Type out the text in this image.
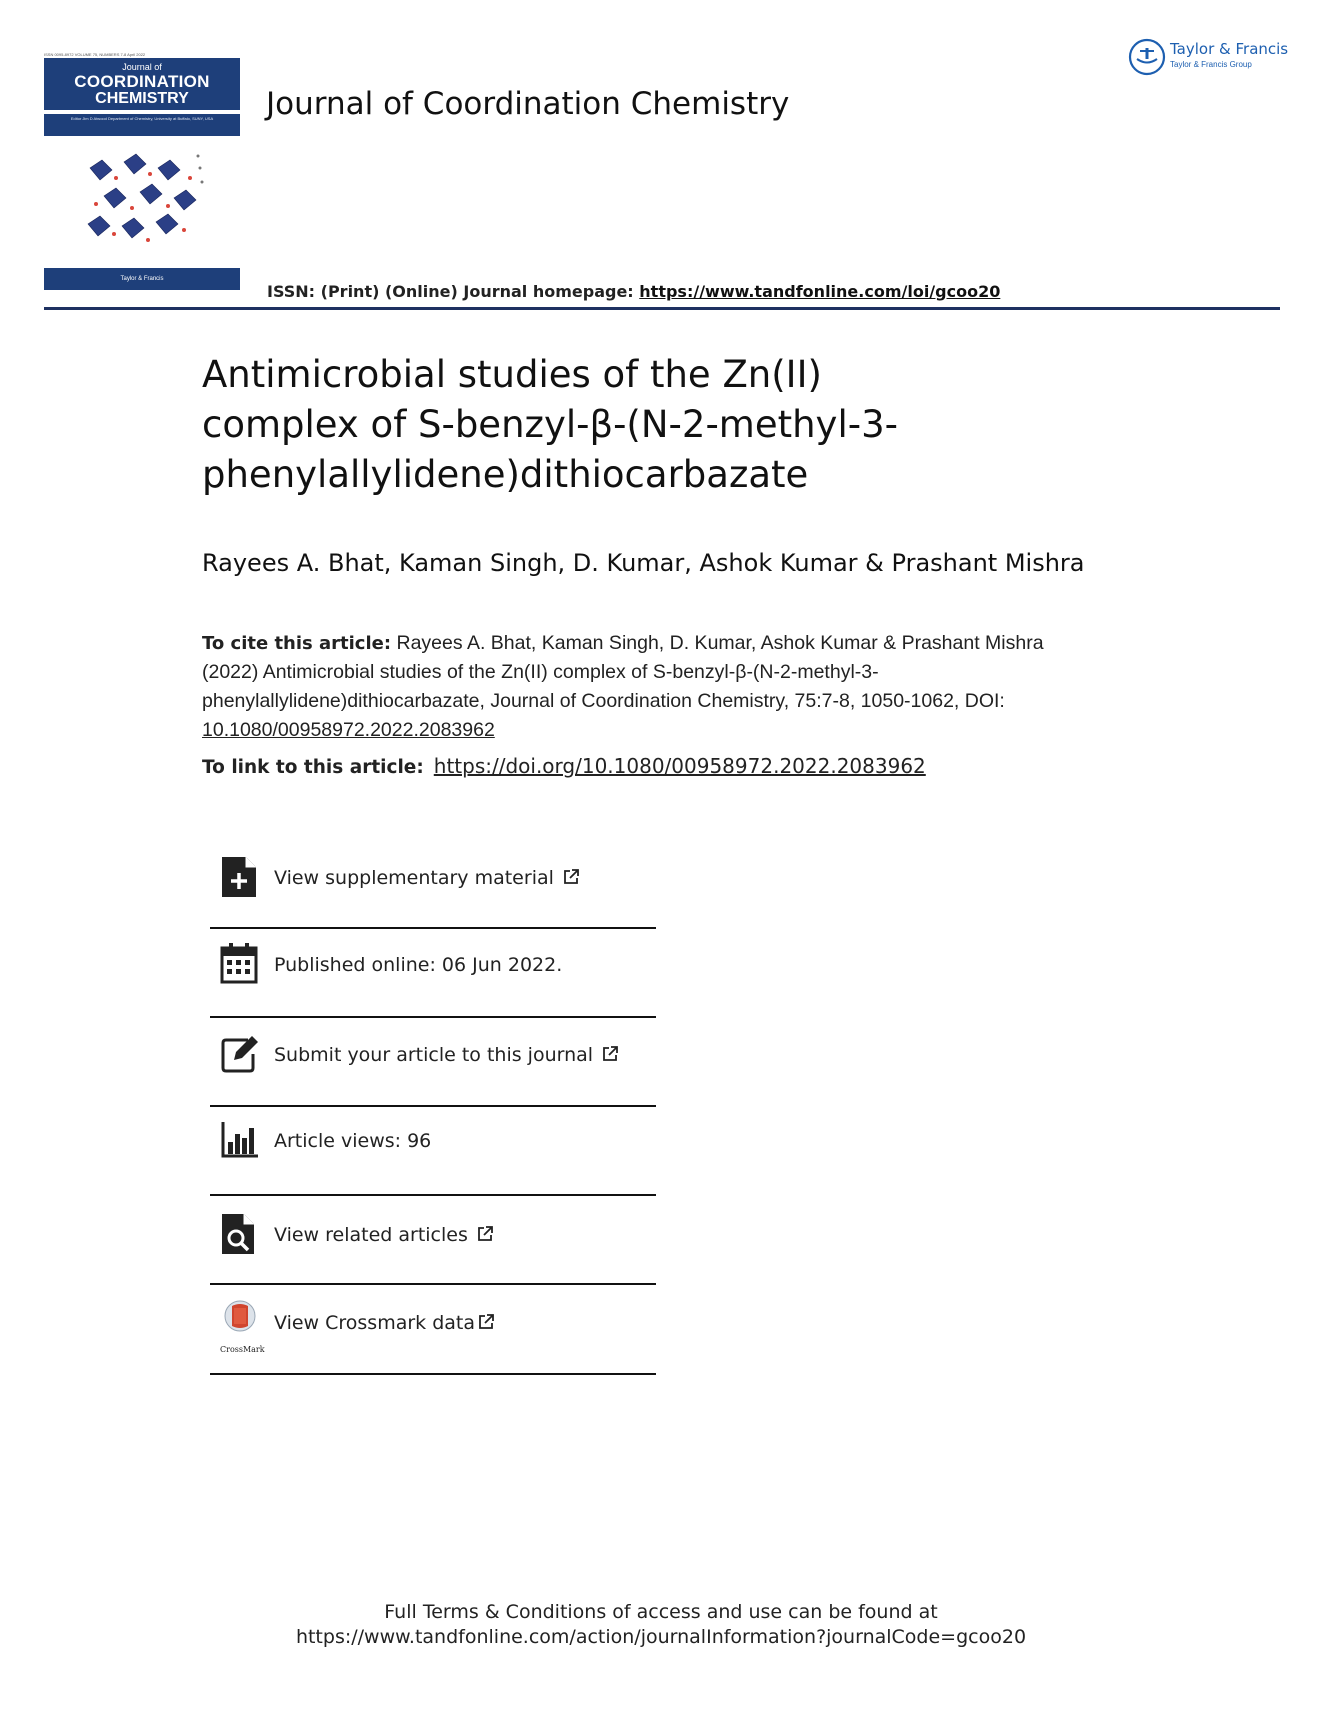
ISSN 0095-8972 VOLUME 75, NUMBERS 7-8 April 2022
Journal of
COORDINATION
CHEMISTRY
Editor Jim D Atwood Department of Chemistry, University at Buffalo, SUNY, USA
Taylor & Francis
Journal of Coordination Chemistry
Taylor & Francis
Taylor & Francis Group
ISSN: (Print) (Online) Journal homepage: https://www.tandfonline.com/loi/gcoo20
Antimicrobial studies of the Zn(II)
complex of S-benzyl-β-(N-2-methyl-3-
phenylallylidene)dithiocarbazate
Rayees A. Bhat, Kaman Singh, D. Kumar, Ashok Kumar & Prashant Mishra
To cite this article: Rayees A. Bhat, Kaman Singh, D. Kumar, Ashok Kumar & Prashant Mishra (2022) Antimicrobial studies of the Zn(II) complex of S-benzyl-β-(N-2-methyl-3-phenylallylidene)dithiocarbazate, Journal of Coordination Chemistry, 75:7-8, 1050-1062, DOI: 10.1080/00958972.2022.2083962
To link to this article: https://doi.org/10.1080/00958972.2022.2083962
View supplementary material
Published online: 06 Jun 2022.
Submit your article to this journal
Article views: 96
View related articles
CrossMark
View Crossmark data
Full Terms & Conditions of access and use can be found at
https://www.tandfonline.com/action/journalInformation?journalCode=gcoo20
